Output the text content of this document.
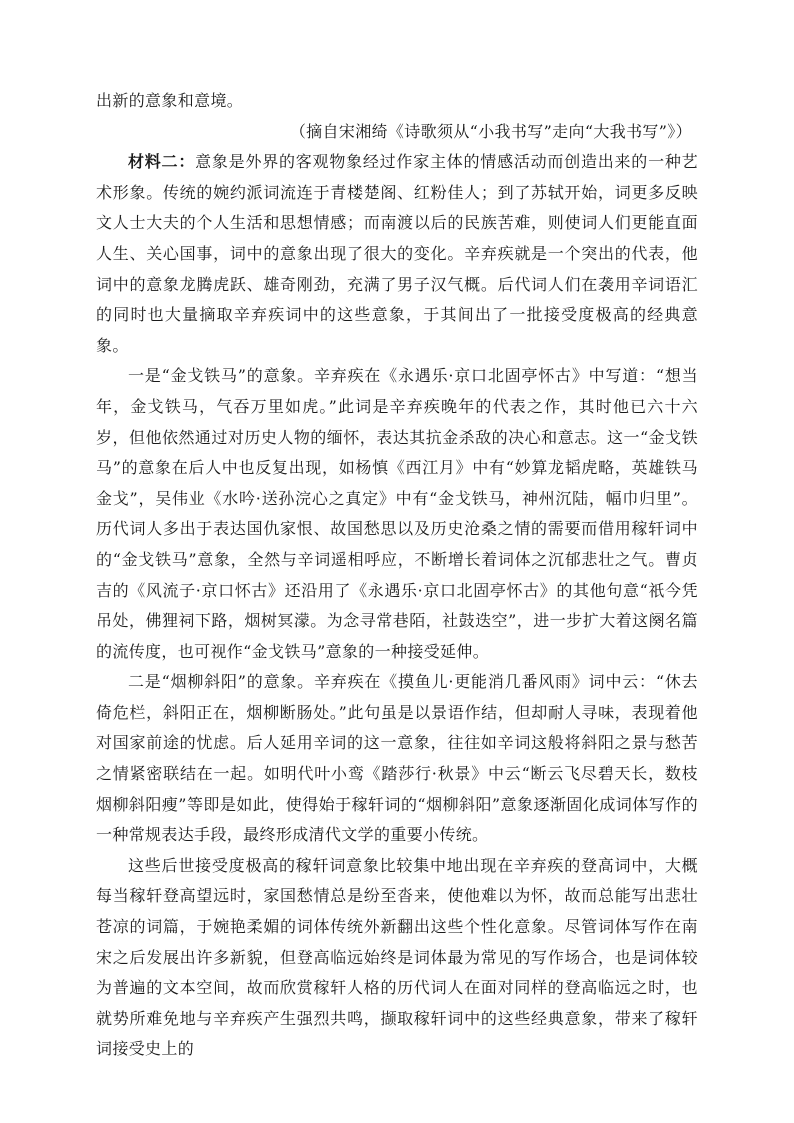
出新的意象和意境。

（摘自宋湘绮《诗歌须从“小我书写”走向“大我书写”》）

材料二：意象是外界的客观物象经过作家主体的情感活动而创造出来的一种艺术形象。传统的婉约派词流连于青楼楚阁、红粉佳人；到了苏轼开始，词更多反映文人士大夫的个人生活和思想情感；而南渡以后的民族苦难，则使词人们更能直面人生、关心国事，词中的意象出现了很大的变化。辛弃疾就是一个突出的代表，他词中的意象龙腾虎跃、雄奇刚劲，充满了男子汉气概。后代词人们在袭用辛词语汇的同时也大量摘取辛弃疾词中的这些意象，于其间出了一批接受度极高的经典意象。

一是“金戈铁马”的意象。辛弃疾在《永遇乐·京口北固亭怀古》中写道：“想当年，金戈铁马，气吞万里如虎。”此词是辛弃疾晚年的代表之作，其时他已六十六岁，但他依然通过对历史人物的缅怀，表达其抗金杀敌的决心和意志。这一“金戈铁马”的意象在后人中也反复出现，如杨慎《西江月》中有“妙算龙韬虎略，英雄铁马金戈”，吴伟业《水吟·送孙浣心之真定》中有“金戈铁马，神州沉陆，幅巾归里”。历代词人多出于表达国仇家恨、故国愁思以及历史沧桑之情的需要而借用稼轩词中的“金戈铁马”意象，全然与辛词遥相呼应，不断增长着词体之沉郁悲壮之气。曹贞吉的《风流子·京口怀古》还沿用了《永遇乐·京口北固亭怀古》的其他句意“祇今凭吊处，佛狸祠下路，烟树冥濛。为念寻常巷陌，社鼓迭空”，进一步扩大着这阕名篇的流传度，也可视作“金戈铁马”意象的一种接受延伸。

二是“烟柳斜阳”的意象。辛弃疾在《摸鱼儿·更能消几番风雨》词中云：“休去倚危栏，斜阳正在，烟柳断肠处。”此句虽是以景语作结，但却耐人寻味，表现着他对国家前途的忧虑。后人延用辛词的这一意象，往往如辛词这般将斜阳之景与愁苦之情紧密联结在一起。如明代叶小鸾《踏莎行·秋景》中云“断云飞尽碧天长，数枝烟柳斜阳瘦”等即是如此，使得始于稼轩词的“烟柳斜阳”意象逐渐固化成词体写作的一种常规表达手段，最终形成清代文学的重要小传统。

这些后世接受度极高的稼轩词意象比较集中地出现在辛弃疾的登高词中，大概每当稼轩登高望远时，家国愁情总是纷至沓来，使他难以为怀，故而总能写出悲壮苍凉的词篇，于婉艳柔媚的词体传统外新翻出这些个性化意象。尽管词体写作在南宋之后发展出许多新貌，但登高临远始终是词体最为常见的写作场合，也是词体较为普遍的文本空间，故而欣赏稼轩人格的历代词人在面对同样的登高临远之时，也就势所难免地与辛弃疾产生强烈共鸣，撷取稼轩词中的这些经典意象，带来了稼轩词接受史上的
